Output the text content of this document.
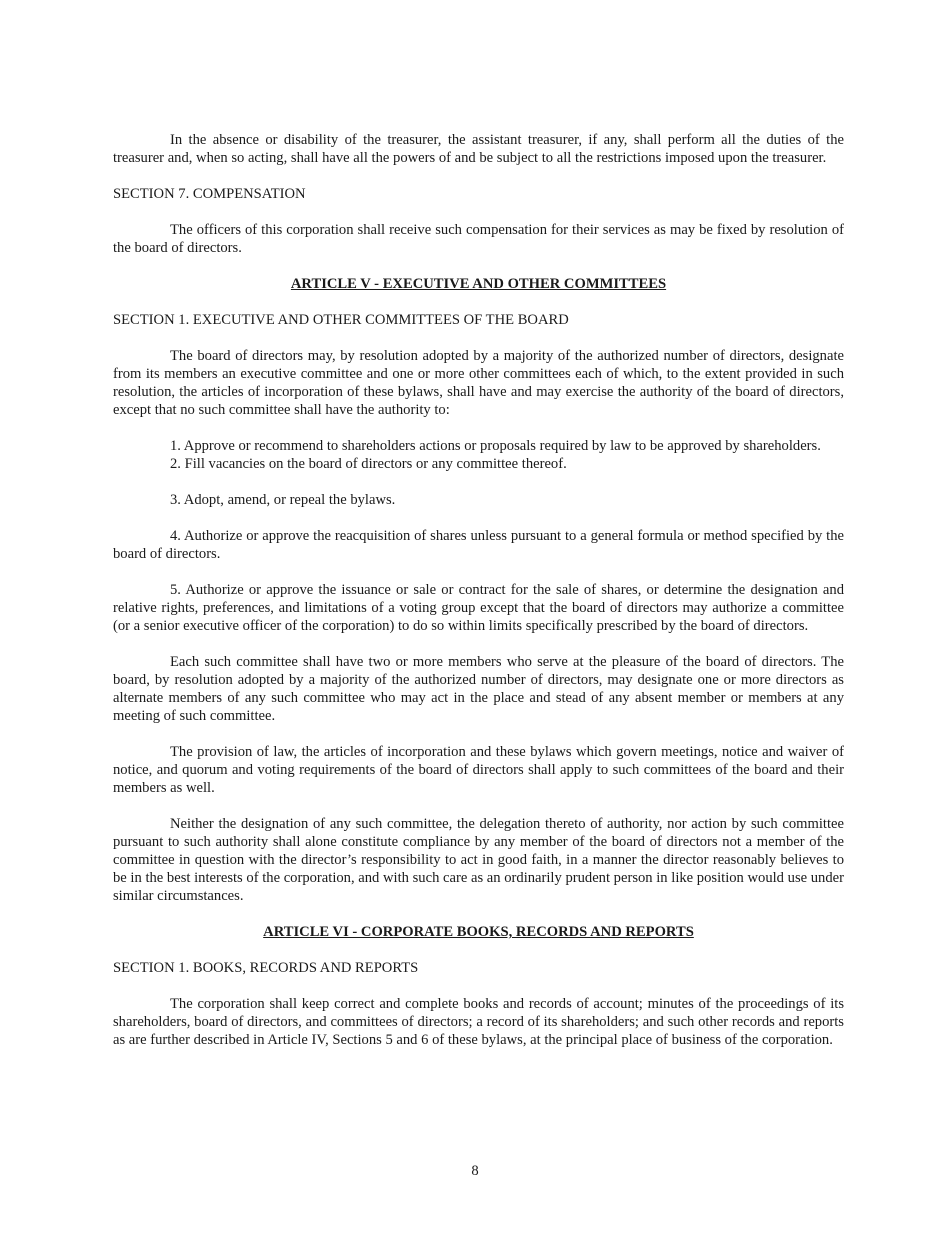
In the absence or disability of the treasurer, the assistant treasurer, if any, shall perform all the duties of the treasurer and, when so acting, shall have all the powers of and be subject to all the restrictions imposed upon the treasurer.

SECTION 7. COMPENSATION

The officers of this corporation shall receive such compensation for their services as may be fixed by resolution of the board of directors.

ARTICLE V - EXECUTIVE AND OTHER COMMITTEES

SECTION 1. EXECUTIVE AND OTHER COMMITTEES OF THE BOARD

The board of directors may, by resolution adopted by a majority of the authorized number of directors, designate from its members an executive committee and one or more other committees each of which, to the extent provided in such resolution, the articles of incorporation of these bylaws, shall have and may exercise the authority of the board of directors, except that no such committee shall have the authority to:

1. Approve or recommend to shareholders actions or proposals required by law to be approved by shareholders.

2. Fill vacancies on the board of directors or any committee thereof.

3. Adopt, amend, or repeal the bylaws.

4. Authorize or approve the reacquisition of shares unless pursuant to a general formula or method specified by the board of directors.

5. Authorize or approve the issuance or sale or contract for the sale of shares, or determine the designation and relative rights, preferences, and limitations of a voting group except that the board of directors may authorize a committee (or a senior executive officer of the corporation) to do so within limits specifically prescribed by the board of directors.

Each such committee shall have two or more members who serve at the pleasure of the board of directors. The board, by resolution adopted by a majority of the authorized number of directors, may designate one or more directors as alternate members of any such committee who may act in the place and stead of any absent member or members at any meeting of such committee.

The provision of law, the articles of incorporation and these bylaws which govern meetings, notice and waiver of notice, and quorum and voting requirements of the board of directors shall apply to such committees of the board and their members as well.

Neither the designation of any such committee, the delegation thereto of authority, nor action by such committee pursuant to such authority shall alone constitute compliance by any member of the board of directors not a member of the committee in question with the director’s responsibility to act in good faith, in a manner the director reasonably believes to be in the best interests of the corporation, and with such care as an ordinarily prudent person in like position would use under similar circumstances.

ARTICLE VI - CORPORATE BOOKS, RECORDS AND REPORTS

SECTION 1. BOOKS, RECORDS AND REPORTS

The corporation shall keep correct and complete books and records of account; minutes of the proceedings of its shareholders, board of directors, and committees of directors; a record of its shareholders; and such other records and reports as are further described in Article IV, Sections 5 and 6 of these bylaws, at the principal place of business of the corporation.

8
